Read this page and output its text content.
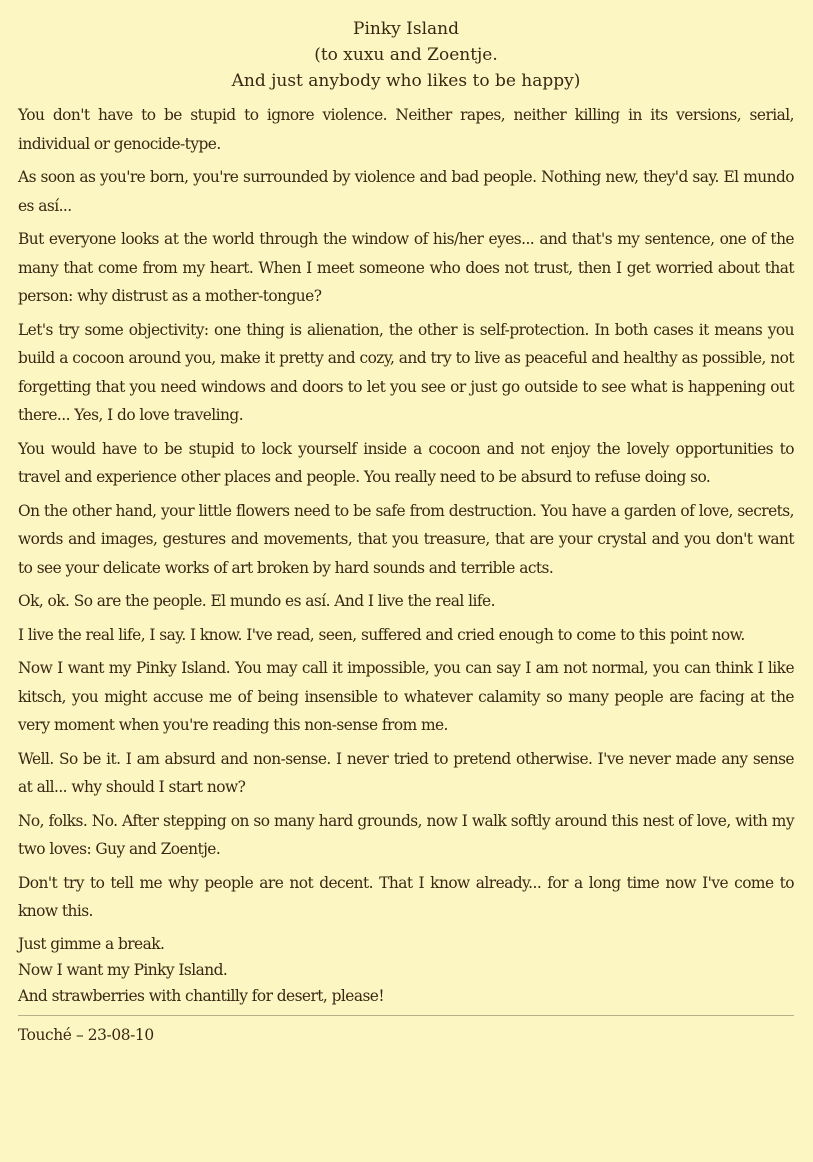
Pinky Island
(to xuxu and Zoentje.
And just anybody who likes to be happy)

You don't have to be stupid to ignore violence. Neither rapes, neither killing in its versions, serial, individual or genocide-type.

As soon as you're born, you're surrounded by violence and bad people. Nothing new, they'd say. El mundo es así...

But everyone looks at the world through the window of his/her eyes... and that's my sentence, one of the many that come from my heart. When I meet someone who does not trust, then I get worried about that person: why distrust as a mother-tongue?

Let's try some objectivity: one thing is alienation, the other is self-protection. In both cases it means you build a cocoon around you, make it pretty and cozy, and try to live as peaceful and healthy as possible, not forgetting that you need windows and doors to let you see or just go outside to see what is happening out there... Yes, I do love traveling.

You would have to be stupid to lock yourself inside a cocoon and not enjoy the lovely opportunities to travel and experience other places and people. You really need to be absurd to refuse doing so.

On the other hand, your little flowers need to be safe from destruction. You have a garden of love, secrets, words and images, gestures and movements, that you treasure, that are your crystal and you don't want to see your delicate works of art broken by hard sounds and terrible acts.

Ok, ok. So are the people. El mundo es así. And I live the real life.

I live the real life, I say. I know. I've read, seen, suffered and cried enough to come to this point now.

Now I want my Pinky Island. You may call it impossible, you can say I am not normal, you can think I like kitsch, you might accuse me of being insensible to whatever calamity so many people are facing at the very moment when you're reading this non-sense from me.

Well. So be it. I am absurd and non-sense. I never tried to pretend otherwise. I've never made any sense at all... why should I start now?

No, folks. No. After stepping on so many hard grounds, now I walk softly around this nest of love, with my two loves: Guy and Zoentje.

Don't try to tell me why people are not decent. That I know already... for a long time now I've come to know this.

Just gimme a break.
Now I want my Pinky Island.
And strawberries with chantilly for desert, please!
Touché – 23-08-10
